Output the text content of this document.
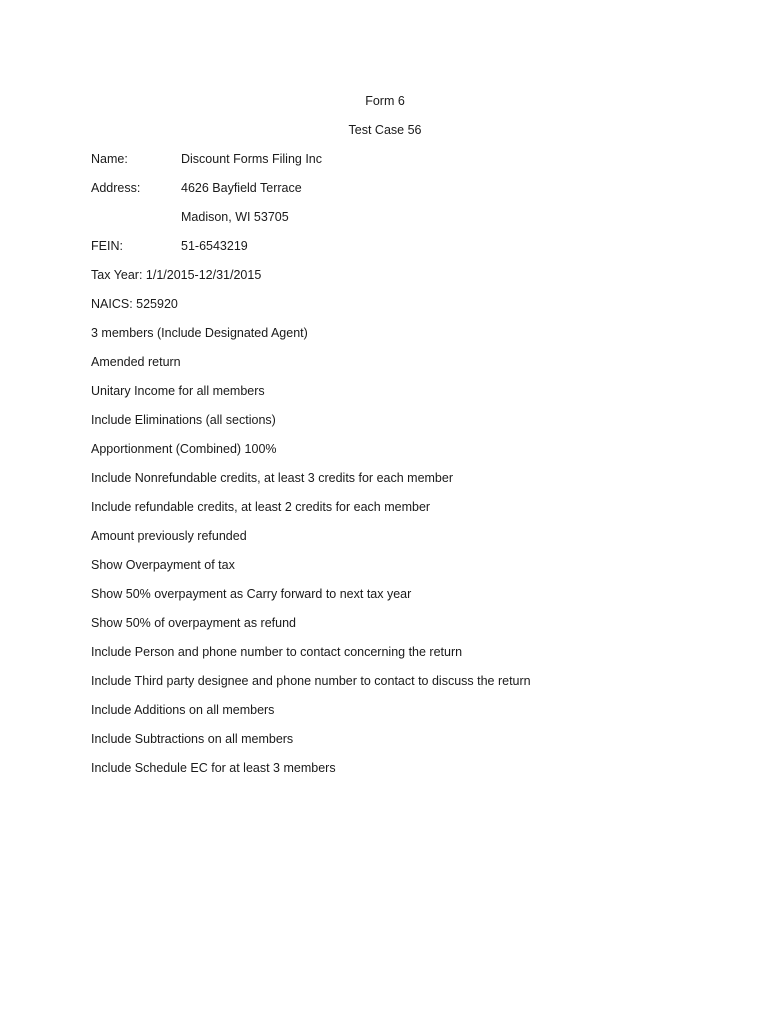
Form 6
Test Case 56
Name:	Discount Forms Filing Inc
Address:	4626 Bayfield Terrace
Madison, WI 53705
FEIN:	51-6543219
Tax Year: 1/1/2015-12/31/2015
NAICS: 525920
3 members (Include Designated Agent)
Amended return
Unitary Income for all members
Include Eliminations (all sections)
Apportionment (Combined) 100%
Include Nonrefundable credits, at least 3 credits for each member
Include refundable credits, at least 2 credits for each member
Amount previously refunded
Show Overpayment of tax
Show 50% overpayment as Carry forward to next tax year
Show 50% of overpayment as refund
Include Person and phone number to contact concerning the return
Include Third party designee and phone number to contact to discuss the return
Include Additions on all members
Include Subtractions on all members
Include Schedule EC for at least 3 members
